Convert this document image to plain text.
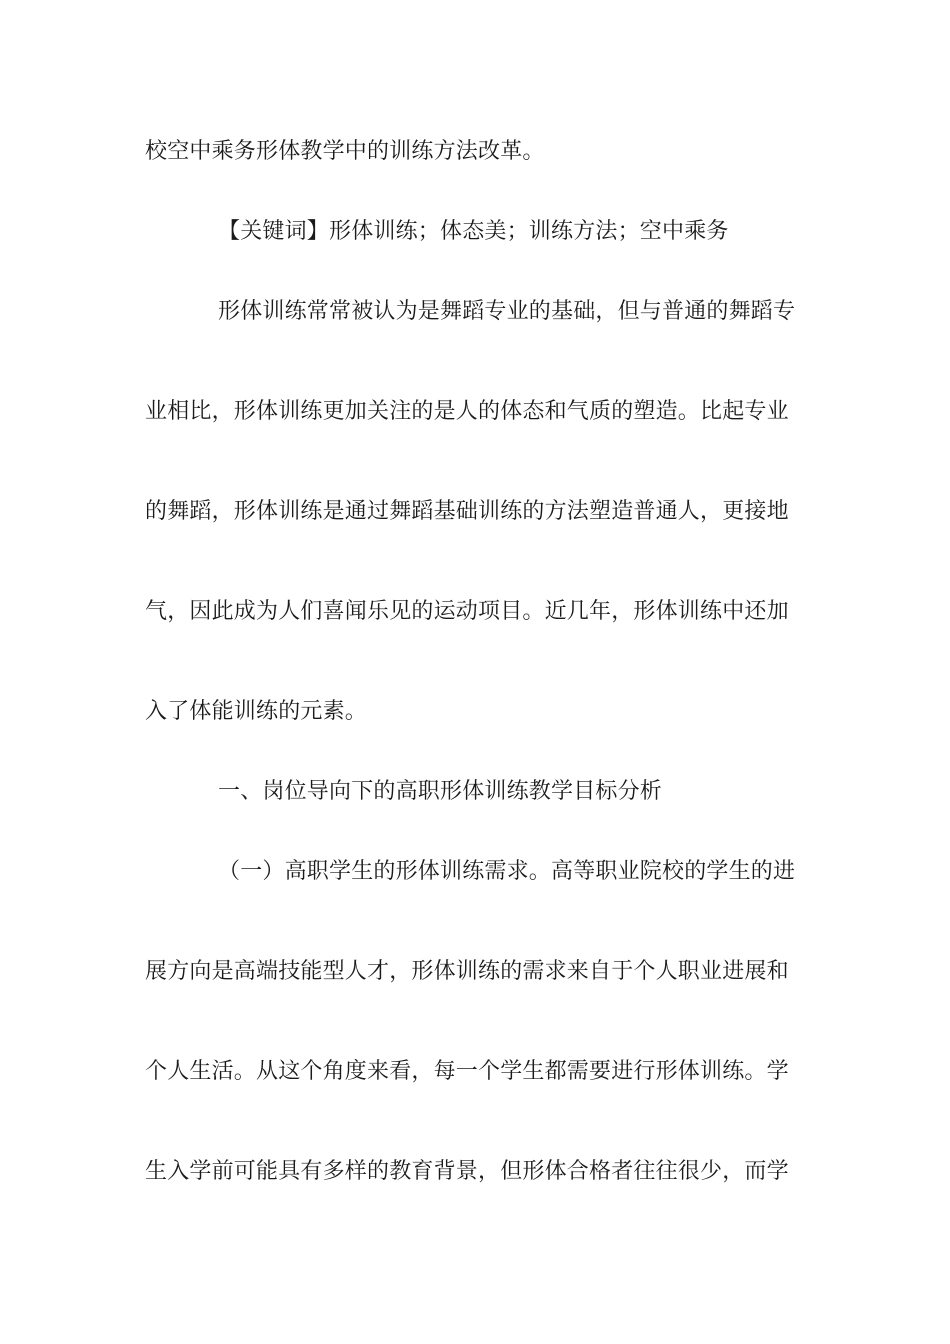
校空中乘务形体教学中的训练方法改革。
【关键词】形体训练；体态美；训练方法；空中乘务
形体训练常常被认为是舞蹈专业的基础，但与普通的舞蹈专
业相比，形体训练更加关注的是人的体态和气质的塑造。比起专业
的舞蹈，形体训练是通过舞蹈基础训练的方法塑造普通人，更接地
气，因此成为人们喜闻乐见的运动项目。近几年，形体训练中还加
入了体能训练的元素。
一、岗位导向下的高职形体训练教学目标分析
（一）高职学生的形体训练需求。高等职业院校的学生的进
展方向是高端技能型人才，形体训练的需求来自于个人职业进展和
个人生活。从这个角度来看，每一个学生都需要进行形体训练。学
生入学前可能具有多样的教育背景，但形体合格者往往很少，而学
